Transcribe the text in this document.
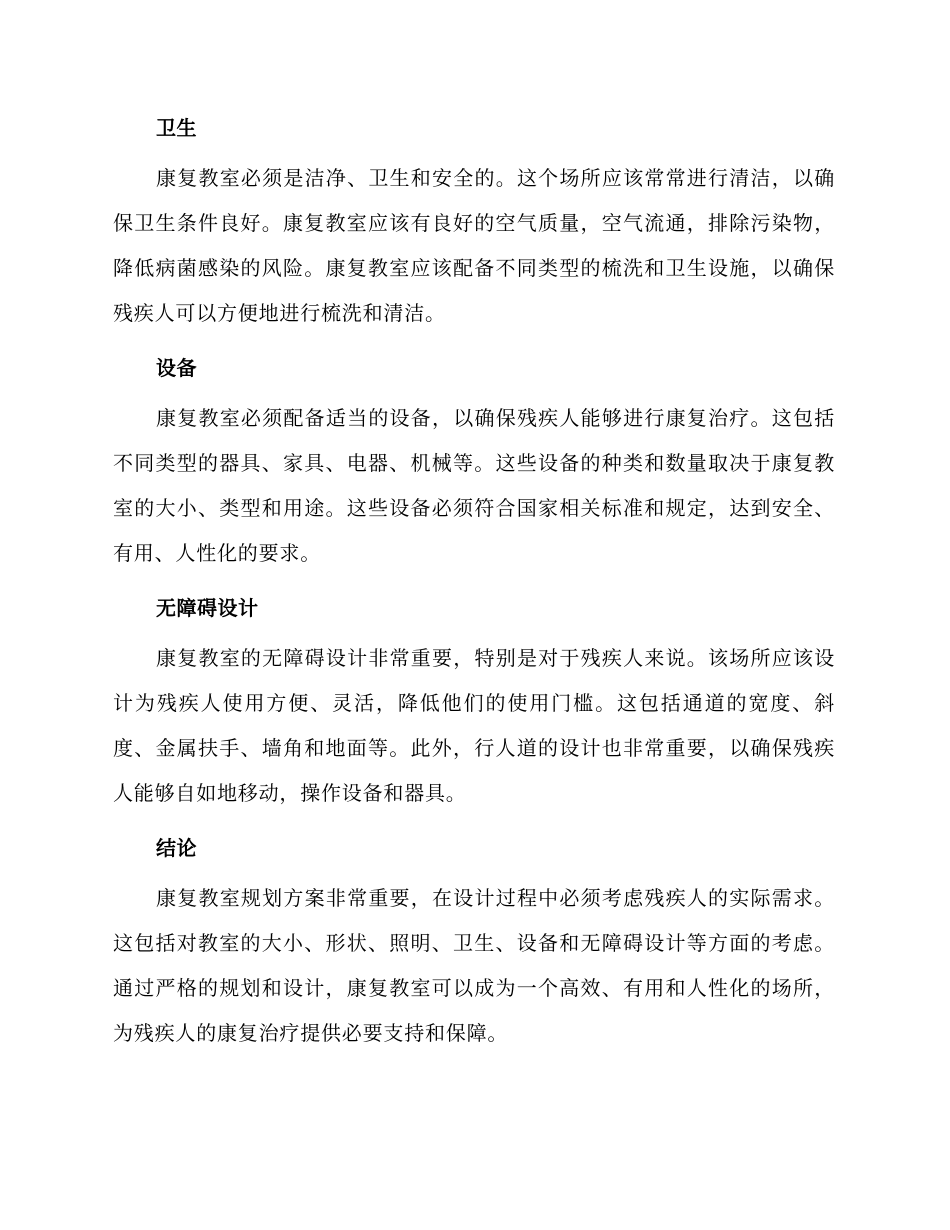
卫生

康复教室必须是洁净、卫生和安全的。这个场所应该常常进行清洁，以确保卫生条件良好。康复教室应该有良好的空气质量，空气流通，排除污染物，降低病菌感染的风险。康复教室应该配备不同类型的梳洗和卫生设施，以确保残疾人可以方便地进行梳洗和清洁。

设备

康复教室必须配备适当的设备，以确保残疾人能够进行康复治疗。这包括不同类型的器具、家具、电器、机械等。这些设备的种类和数量取决于康复教室的大小、类型和用途。这些设备必须符合国家相关标准和规定，达到安全、有用、人性化的要求。

无障碍设计

康复教室的无障碍设计非常重要，特别是对于残疾人来说。该场所应该设计为残疾人使用方便、灵活，降低他们的使用门槛。这包括通道的宽度、斜度、金属扶手、墙角和地面等。此外，行人道的设计也非常重要，以确保残疾人能够自如地移动，操作设备和器具。

结论

康复教室规划方案非常重要，在设计过程中必须考虑残疾人的实际需求。这包括对教室的大小、形状、照明、卫生、设备和无障碍设计等方面的考虑。通过严格的规划和设计，康复教室可以成为一个高效、有用和人性化的场所，为残疾人的康复治疗提供必要支持和保障。
